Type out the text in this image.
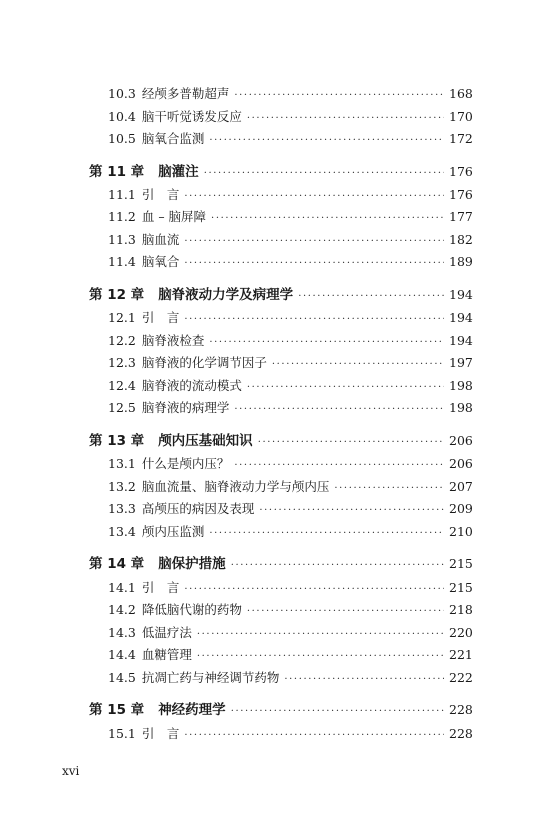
10.3 经颅多普勒超声 ·····	168
10.4 脑干听觉诱发反应 ·····	170
10.5 脑氧合监测 ·····	172
第 11 章 脑灌注 ·····	176
11.1 引　言 ·····	176
11.2 血 – 脑屏障 ·····	177
11.3 脑血流 ·····	182
11.4 脑氧合 ·····	189
第 12 章 脑脊液动力学及病理学 ·····	194
12.1 引　言 ·····	194
12.2 脑脊液检查 ·····	194
12.3 脑脊液的化学调节因子 ·····	197
12.4 脑脊液的流动模式 ·····	198
12.5 脑脊液的病理学 ·····	198
第 13 章 颅内压基础知识 ·····	206
13.1 什么是颅内压？ ·····	206
13.2 脑血流量、脑脊液动力学与颅内压 ·····	207
13.3 高颅压的病因及表现 ·····	209
13.4 颅内压监测 ·····	210
第 14 章 脑保护措施 ·····	215
14.1 引　言 ·····	215
14.2 降低脑代谢的药物 ·····	218
14.3 低温疗法 ·····	220
14.4 血糖管理 ·····	221
14.5 抗凋亡药与神经调节药物 ·····	222
第 15 章 神经药理学 ·····	228
15.1 引　言 ·····	228
xvi
